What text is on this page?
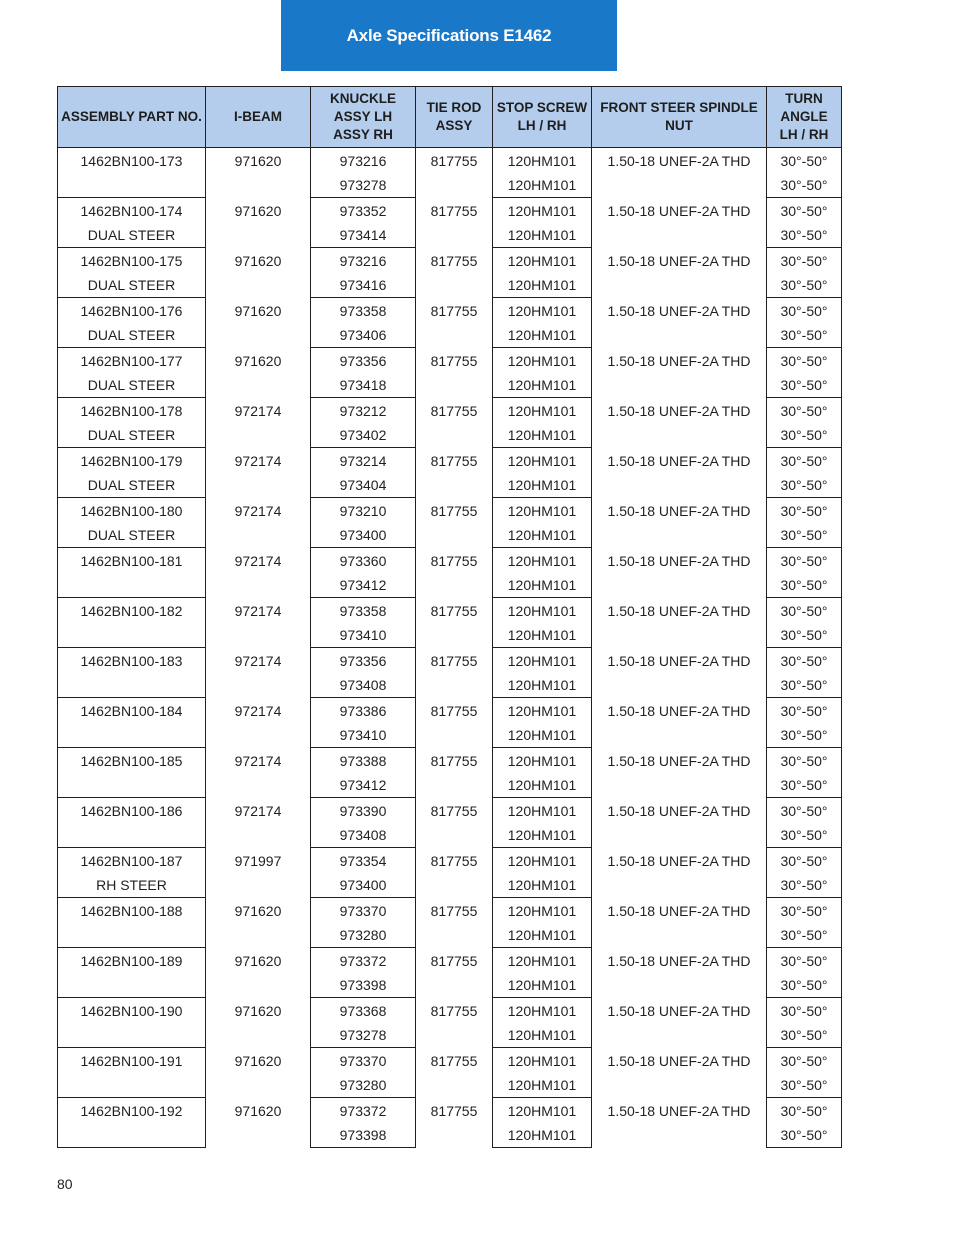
Axle Specifications E1462
ASSEMBLY PART NO.	I-BEAM	KNUCKLE ASSY LH ASSY RH	TIE ROD ASSY	STOP SCREW LH / RH	FRONT STEER SPINDLE NUT	TURN ANGLE LH / RH
1462BN100-173	971620	973216	817755	120HM101	1.50-18 UNEF-2A THD	30°-50°
		973278		120HM101		30°-50°
1462BN100-174	971620	973352	817755	120HM101	1.50-18 UNEF-2A THD	30°-50°
DUAL STEER		973414		120HM101		30°-50°
1462BN100-175	971620	973216	817755	120HM101	1.50-18 UNEF-2A THD	30°-50°
DUAL STEER		973416		120HM101		30°-50°
1462BN100-176	971620	973358	817755	120HM101	1.50-18 UNEF-2A THD	30°-50°
DUAL STEER		973406		120HM101		30°-50°
1462BN100-177	971620	973356	817755	120HM101	1.50-18 UNEF-2A THD	30°-50°
DUAL STEER		973418		120HM101		30°-50°
1462BN100-178	972174	973212	817755	120HM101	1.50-18 UNEF-2A THD	30°-50°
DUAL STEER		973402		120HM101		30°-50°
1462BN100-179	972174	973214	817755	120HM101	1.50-18 UNEF-2A THD	30°-50°
DUAL STEER		973404		120HM101		30°-50°
1462BN100-180	972174	973210	817755	120HM101	1.50-18 UNEF-2A THD	30°-50°
DUAL STEER		973400		120HM101		30°-50°
1462BN100-181	972174	973360	817755	120HM101	1.50-18 UNEF-2A THD	30°-50°
		973412		120HM101		30°-50°
1462BN100-182	972174	973358	817755	120HM101	1.50-18 UNEF-2A THD	30°-50°
		973410		120HM101		30°-50°
1462BN100-183	972174	973356	817755	120HM101	1.50-18 UNEF-2A THD	30°-50°
		973408		120HM101		30°-50°
1462BN100-184	972174	973386	817755	120HM101	1.50-18 UNEF-2A THD	30°-50°
		973410		120HM101		30°-50°
1462BN100-185	972174	973388	817755	120HM101	1.50-18 UNEF-2A THD	30°-50°
		973412		120HM101		30°-50°
1462BN100-186	972174	973390	817755	120HM101	1.50-18 UNEF-2A THD	30°-50°
		973408		120HM101		30°-50°
1462BN100-187	971997	973354	817755	120HM101	1.50-18 UNEF-2A THD	30°-50°
RH STEER		973400		120HM101		30°-50°
1462BN100-188	971620	973370	817755	120HM101	1.50-18 UNEF-2A THD	30°-50°
		973280		120HM101		30°-50°
1462BN100-189	971620	973372	817755	120HM101	1.50-18 UNEF-2A THD	30°-50°
		973398		120HM101		30°-50°
1462BN100-190	971620	973368	817755	120HM101	1.50-18 UNEF-2A THD	30°-50°
		973278		120HM101		30°-50°
1462BN100-191	971620	973370	817755	120HM101	1.50-18 UNEF-2A THD	30°-50°
		973280		120HM101		30°-50°
1462BN100-192	971620	973372	817755	120HM101	1.50-18 UNEF-2A THD	30°-50°
		973398		120HM101		30°-50°
80
